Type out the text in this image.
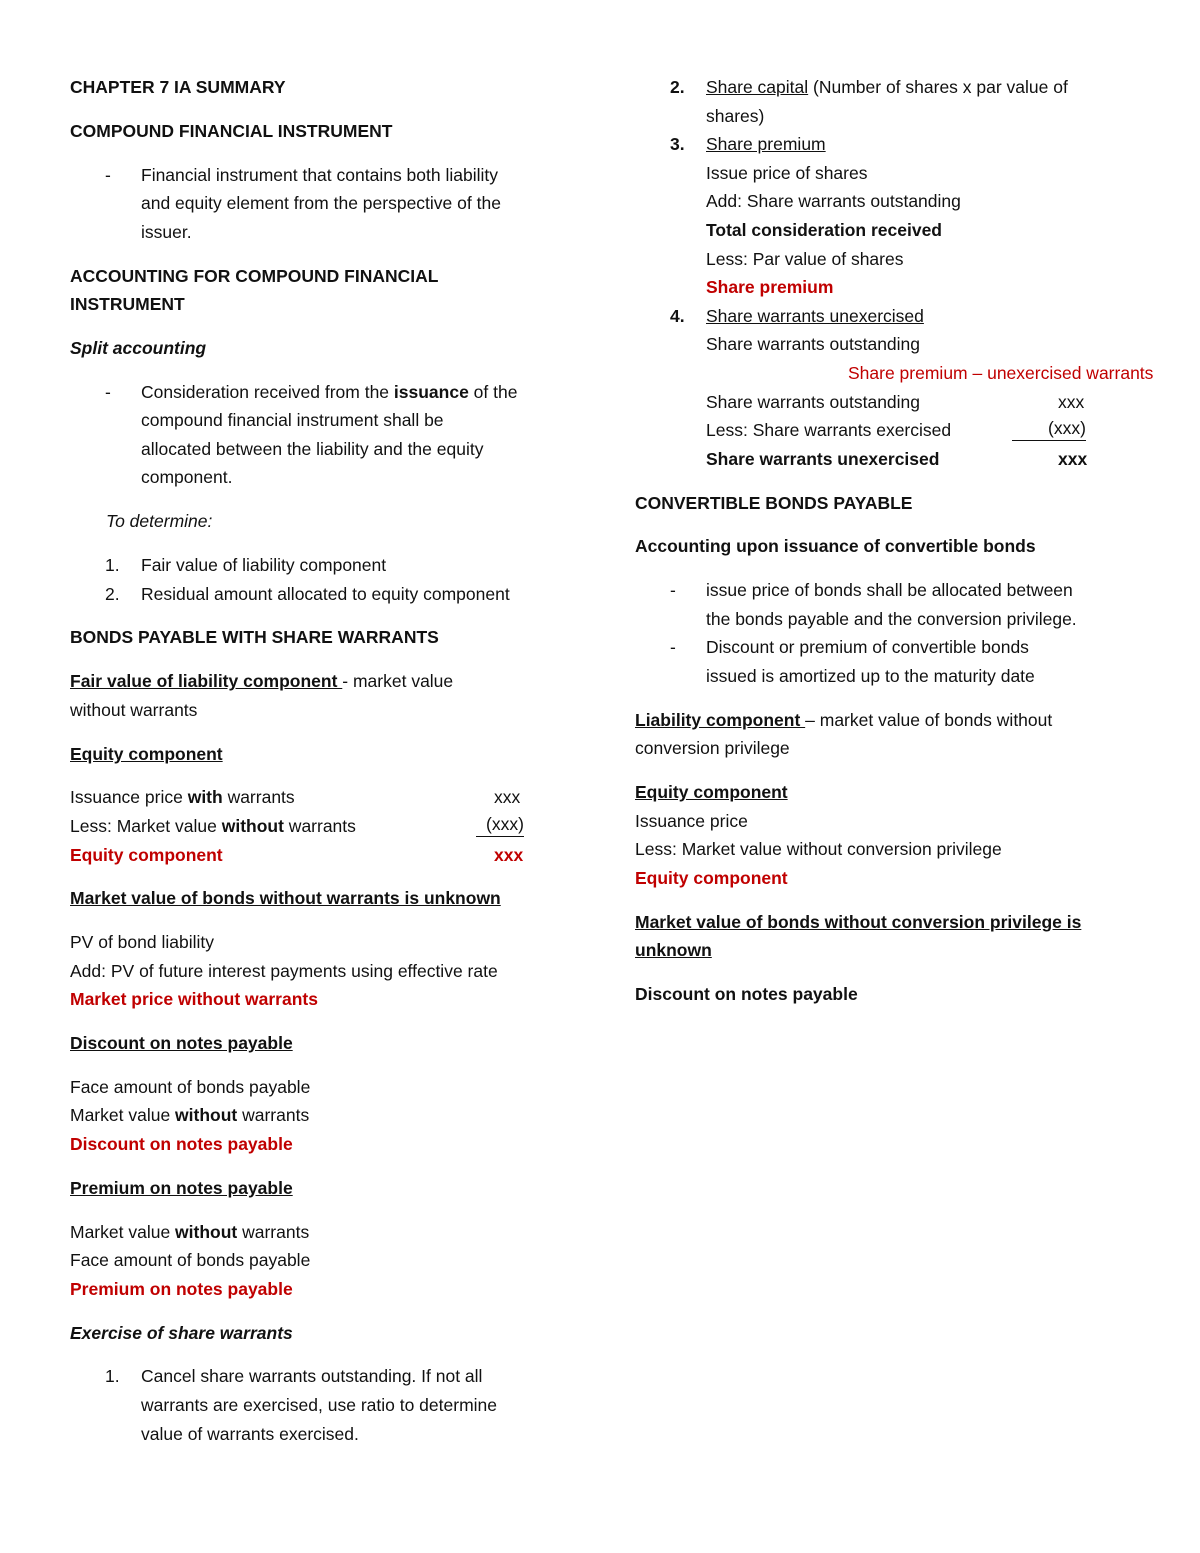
CHAPTER 7 IA SUMMARY
COMPOUND FINANCIAL INSTRUMENT
- Financial instrument that contains both liability
and equity element from the perspective of the
issuer.
ACCOUNTING FOR COMPOUND FINANCIAL
INSTRUMENT
Split accounting
- Consideration received from the issuance of the
compound financial instrument shall be
allocated between the liability and the equity
component.
To determine:
1. Fair value of liability component
2. Residual amount allocated to equity component
BONDS PAYABLE WITH SHARE WARRANTS
Fair value of liability component - market value
without warrants
Equity component
Issuance price with warrants	xxx
Less: Market value without warrants	(xxx)
Equity component	xxx
Market value of bonds without warrants is unknown
PV of bond liability
Add: PV of future interest payments using effective rate
Market price without warrants
Discount on notes payable
Face amount of bonds payable
Market value without warrants
Discount on notes payable
Premium on notes payable
Market value without warrants
Face amount of bonds payable
Premium on notes payable
Exercise of share warrants
1. Cancel share warrants outstanding. If not all
warrants are exercised, use ratio to determine
value of warrants exercised.
2. Share capital (Number of shares x par value of
shares)
3. Share premium
Issue price of shares
Add: Share warrants outstanding
Total consideration received
Less: Par value of shares
Share premium
4. Share warrants unexercised
Share warrants outstanding
Share premium – unexercised warrants
Share warrants outstanding	xxx
Less: Share warrants exercised	(xxx)
Share warrants unexercised	xxx
CONVERTIBLE BONDS PAYABLE
Accounting upon issuance of convertible bonds
- issue price of bonds shall be allocated between
the bonds payable and the conversion privilege.
- Discount or premium of convertible bonds
issued is amortized up to the maturity date
Liability component – market value of bonds without
conversion privilege
Equity component
Issuance price
Less: Market value without conversion privilege
Equity component
Market value of bonds without conversion privilege is
unknown
Discount on notes payable
